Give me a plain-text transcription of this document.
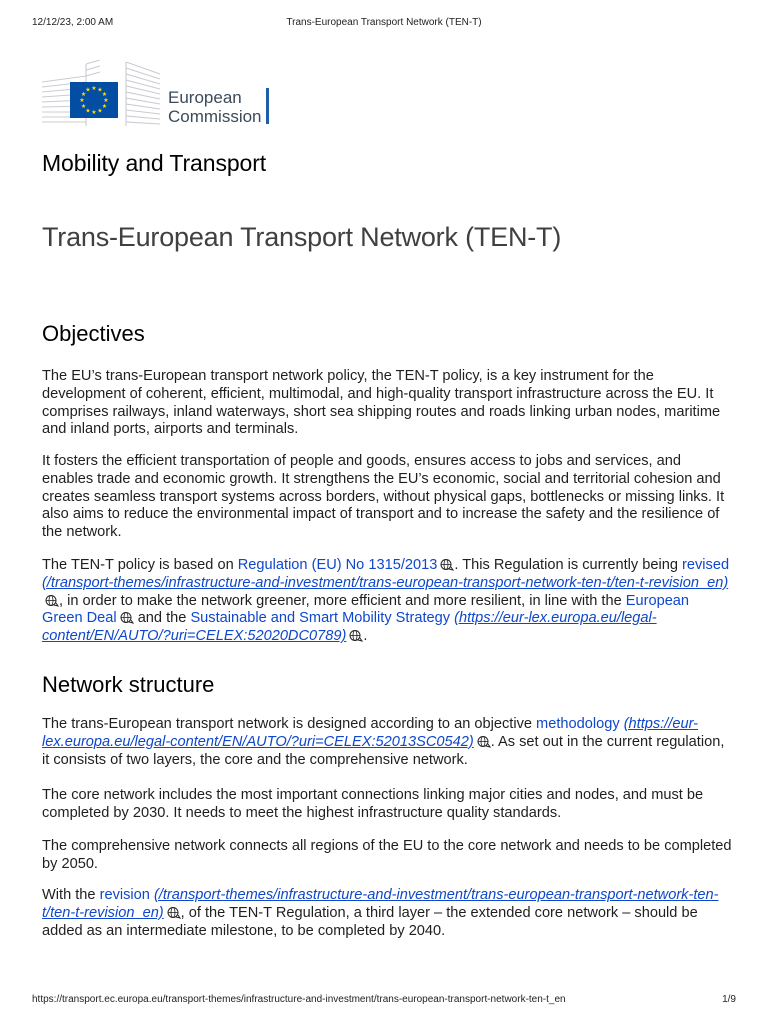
12/12/23, 2:00 AM	Trans-European Transport Network (TEN-T)
★ ★
★
★
★
★
★
★
★
★
★
★	European
Commission
Mobility and Transport
Trans-European Transport Network (TEN-T)
Objectives

The EU’s trans-European transport network policy, the TEN-T policy, is a key instrument for the development of coherent, efficient, multimodal, and high-quality transport infrastructure across the EU. It comprises railways, inland waterways, short sea shipping routes and roads linking urban nodes, maritime and inland ports, airports and terminals.

It fosters the efficient transportation of people and goods, ensures access to jobs and services, and enables trade and economic growth. It strengthens the EU’s economic, social and territorial cohesion and creates seamless transport systems across borders, without physical gaps, bottlenecks or missing links. It also aims to reduce the environmental impact of transport and to increase the safety and the resilience of the network.

The TEN-T policy is based on Regulation (EU) No 1315/2013 . This Regulation is currently being revised (/transport-themes/infrastructure-and-investment/trans-european-transport-network-ten-t/ten-t-revision_en), in order to make the network greener, more efficient and more resilient, in line with the European Green Deal and the Sustainable and Smart Mobility Strategy (https://eur-lex.europa.eu/legal-content/EN/AUTO/?uri=CELEX:52020DC0789) .

Network structure

The trans-European transport network is designed according to an objective methodology (https://eur-lex.europa.eu/legal-content/EN/AUTO/?uri=CELEX:52013SC0542) . As set out in the current regulation, it consists of two layers, the core and the comprehensive network.

The core network includes the most important connections linking major cities and nodes, and must be completed by 2030. It needs to meet the highest infrastructure quality standards.

The comprehensive network connects all regions of the EU to the core network and needs to be completed by 2050.

With the revision (/transport-themes/infrastructure-and-investment/trans-european-transport-network-ten-t/ten-t-revision_en) , of the TEN-T Regulation, a third layer – the extended core network – should be added as an intermediate milestone, to be completed by 2040.

https://transport.ec.europa.eu/transport-themes/infrastructure-and-investment/trans-european-transport-network-ten-t_en	1/9
